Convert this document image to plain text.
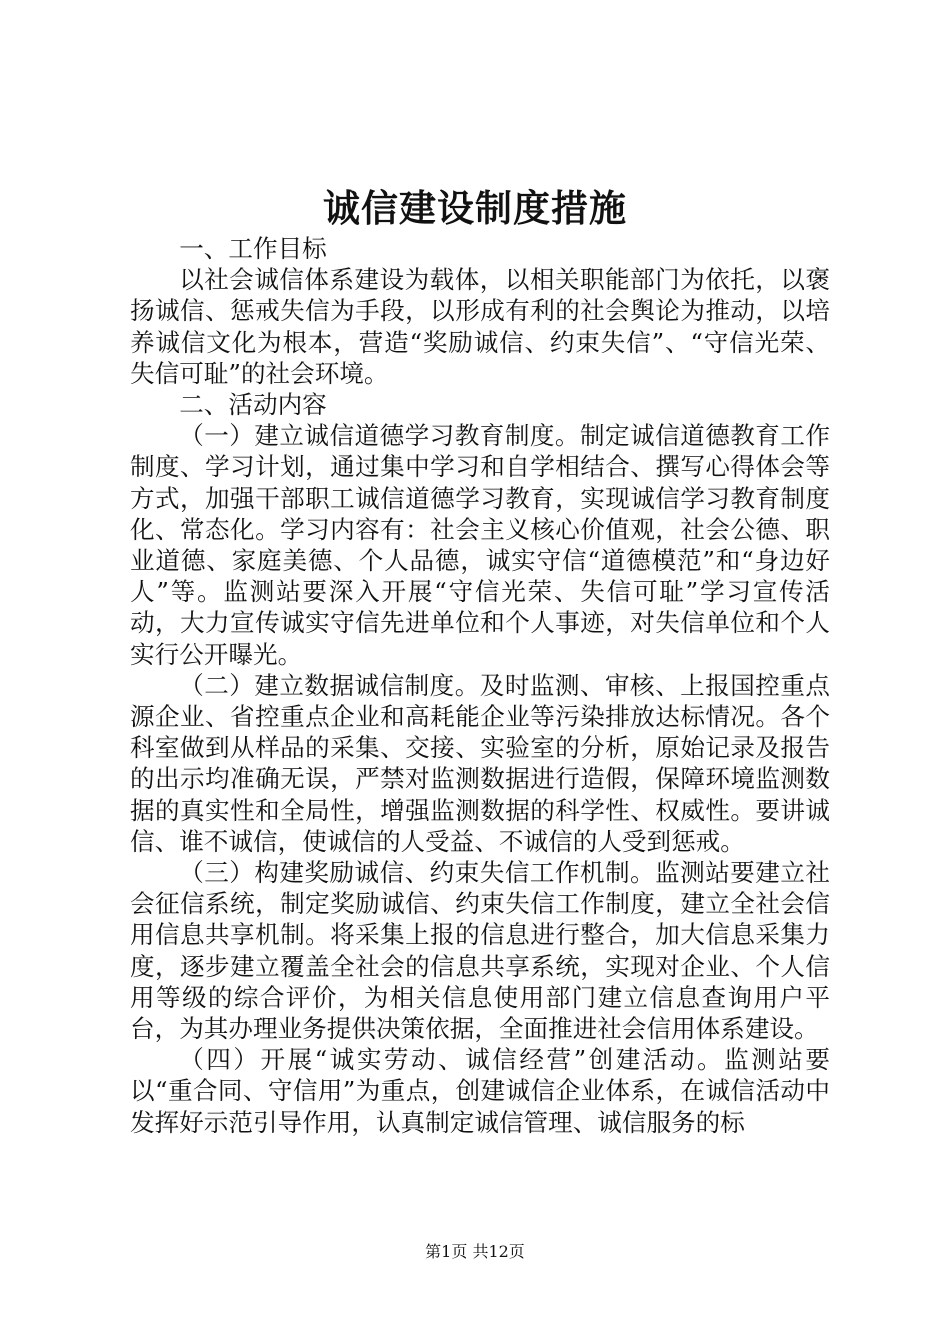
诚信建设制度措施

一、工作目标

以社会诚信体系建设为载体，以相关职能部门为依托，以褒扬诚信、惩戒失信为手段，以形成有利的社会舆论为推动，以培养诚信文化为根本，营造“奖励诚信、约束失信”、“守信光荣、失信可耻”的社会环境。

二、活动内容

（一）建立诚信道德学习教育制度。制定诚信道德教育工作制度、学习计划，通过集中学习和自学相结合、撰写心得体会等方式，加强干部职工诚信道德学习教育，实现诚信学习教育制度化、常态化。学习内容有：社会主义核心价值观，社会公德、职业道德、家庭美德、个人品德，诚实守信“道德模范”和“身边好人”等。监测站要深入开展“守信光荣、失信可耻”学习宣传活动，大力宣传诚实守信先进单位和个人事迹，对失信单位和个人实行公开曝光。

（二）建立数据诚信制度。及时监测、审核、上报国控重点源企业、省控重点企业和高耗能企业等污染排放达标情况。各个科室做到从样品的采集、交接、实验室的分析，原始记录及报告的出示均准确无误，严禁对监测数据进行造假，保障环境监测数据的真实性和全局性，增强监测数据的科学性、权威性。要讲诚信、谁不诚信，使诚信的人受益、不诚信的人受到惩戒。

（三）构建奖励诚信、约束失信工作机制。监测站要建立社会征信系统，制定奖励诚信、约束失信工作制度，建立全社会信用信息共享机制。将采集上报的信息进行整合，加大信息采集力度，逐步建立覆盖全社会的信息共享系统，实现对企业、个人信用等级的综合评价，为相关信息使用部门建立信息查询用户平台，为其办理业务提供决策依据，全面推进社会信用体系建设。

（四）开展“诚实劳动、诚信经营”创建活动。监测站要以“重合同、守信用”为重点，创建诚信企业体系，在诚信活动中发挥好示范引导作用，认真制定诚信管理、诚信服务的标

第1页 共12页
